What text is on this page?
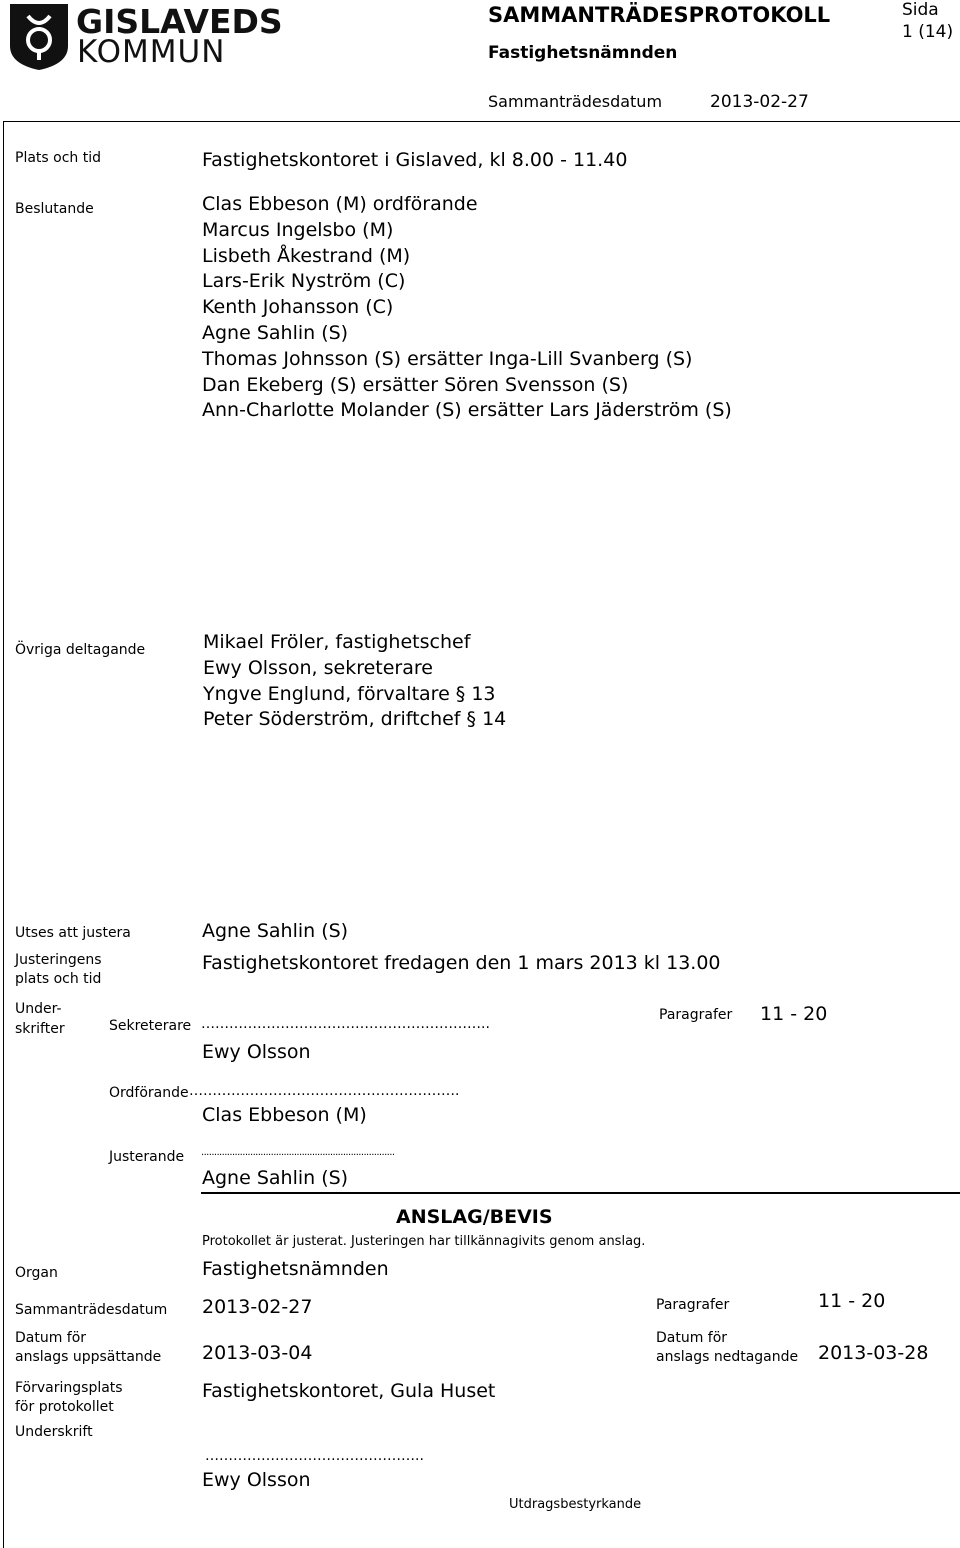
GISLAVEDS
KOMMUN
SAMMANTRÄDESPROTOKOLL
Fastighetsnämnden
Sida
1 (14)
Sammanträdesdatum	2013-02-27
Plats och tid	Fastighetskontoret i Gislaved, kl 8.00 - 11.40
Beslutande	Clas Ebbeson (M) ordförande
Marcus Ingelsbo (M)
Lisbeth Åkestrand (M)
Lars-Erik Nyström (C)
Kenth Johansson (C)
Agne Sahlin (S)
Thomas Johnsson (S) ersätter Inga-Lill Svanberg (S)
Dan Ekeberg (S) ersätter Sören Svensson (S)
Ann-Charlotte Molander (S) ersätter Lars Jäderström (S)
Övriga deltagande	Mikael Fröler, fastighetschef
Ewy Olsson, sekreterare
Yngve Englund, förvaltare § 13
Peter Söderström, driftchef § 14
Utses att justera	Agne Sahlin (S)
Justeringens
plats och tid
Fastighetskontoret fredagen den 1 mars 2013 kl 13.00
Under-
skrifter	Sekreterare ……………………………………………………..
Ewy Olsson
Paragrafer 11 - 20
Ordförande ………………………………………………….
Clas Ebbeson (M)
Justerande ...........................................................................
Agne Sahlin (S)
ANSLAG/BEVIS
Protokollet är justerat. Justeringen har tillkännagivits genom anslag.
Organ	Fastighetsnämnden
Sammanträdesdatum 2013-02-27	Paragrafer	11 - 20
Datum för
anslags uppsättande 2013-03-04
Datum för
anslags nedtagande 2013-03-28
Förvaringsplats
för protokollet
Fastighetskontoret, Gula Huset
Underskrift
………………………………………..
Ewy Olsson
Utdragsbestyrkande
